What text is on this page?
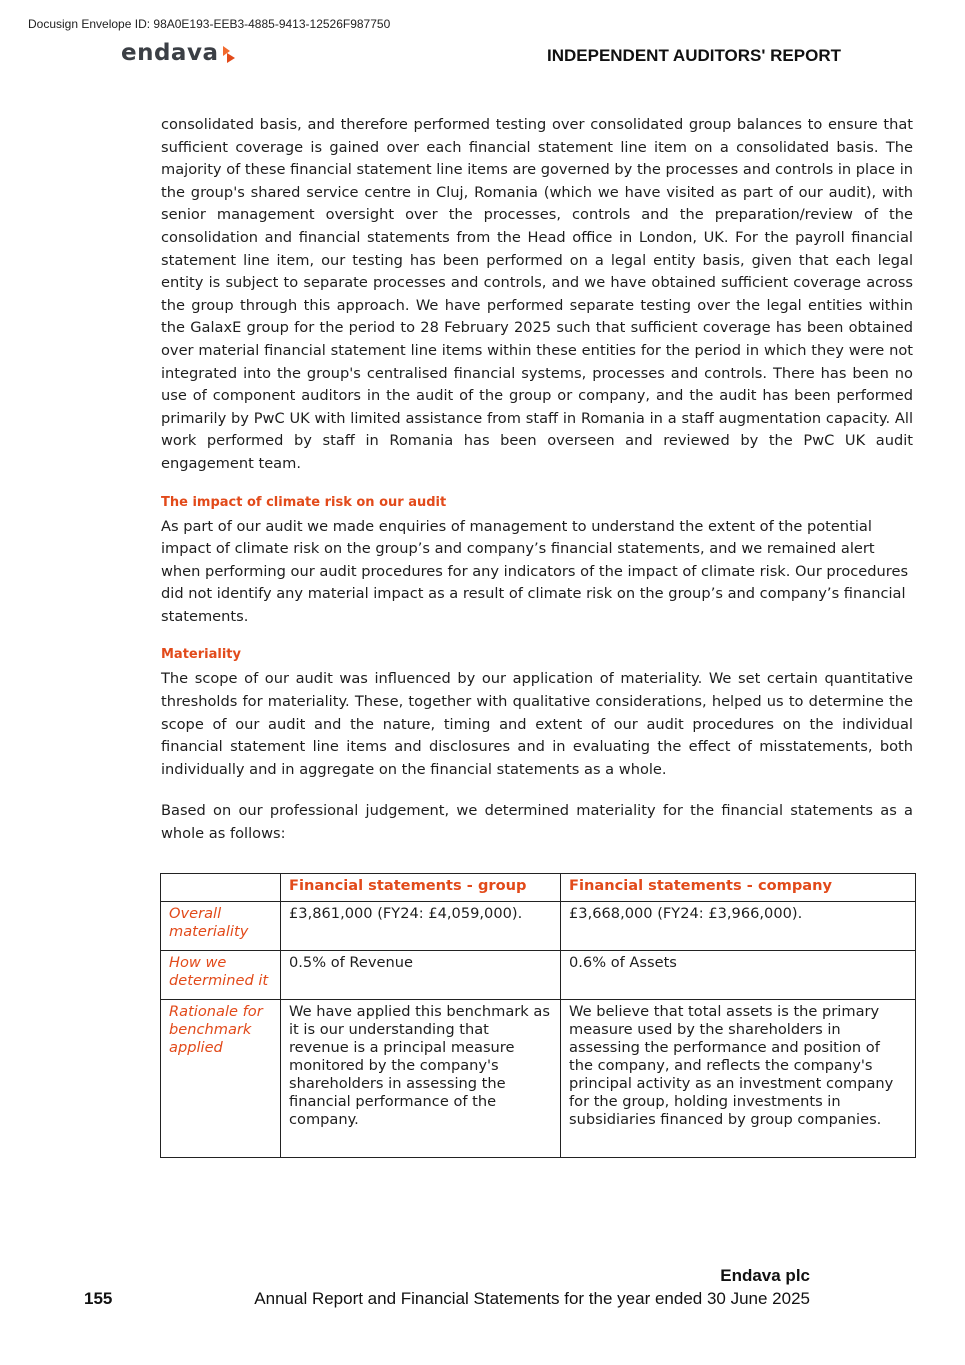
Docusign Envelope ID: 98A0E193-EEB3-4885-9413-12526F987750
endava	INDEPENDENT AUDITORS' REPORT

consolidated basis, and therefore performed testing over consolidated group balances to ensure that sufficient coverage is gained over each financial statement line item on a consolidated basis. The majority of these financial statement line items are governed by the processes and controls in place in the group's shared service centre in Cluj, Romania (which we have visited as part of our audit), with senior management oversight over the processes, controls and the preparation/review of the consolidation and financial statements from the Head office in London, UK. For the payroll financial statement line item, our testing has been performed on a legal entity basis, given that each legal entity is subject to separate processes and controls, and we have obtained sufficient coverage across the group through this approach. We have performed separate testing over the legal entities within the GalaxE group for the period to 28 February 2025 such that sufficient coverage has been obtained over material financial statement line items within these entities for the period in which they were not integrated into the group's centralised financial systems, processes and controls. There has been no use of component auditors in the audit of the group or company, and the audit has been performed primarily by PwC UK with limited assistance from staff in Romania in a staff augmentation capacity. All work performed by staff in Romania has been overseen and reviewed by the PwC UK audit engagement team.

The impact of climate risk on our audit

As part of our audit we made enquiries of management to understand the extent of the potential impact of climate risk on the group’s and company’s financial statements, and we remained alert when performing our audit procedures for any indicators of the impact of climate risk. Our procedures did not identify any material impact as a result of climate risk on the group’s and company’s financial statements.

Materiality

The scope of our audit was influenced by our application of materiality. We set certain quantitative thresholds for materiality. These, together with qualitative considerations, helped us to determine the scope of our audit and the nature, timing and extent of our audit procedures on the individual financial statement line items and disclosures and in evaluating the effect of misstatements, both individually and in aggregate on the financial statements as a whole.

Based on our professional judgement, we determined materiality for the financial statements as a whole as follows:

	Financial statements - group	Financial statements - company
Overall materiality	£3,861,000 (FY24: £4,059,000).	£3,668,000 (FY24: £3,966,000).
How we determined it	0.5% of Revenue	0.6% of Assets
Rationale for benchmark applied	We have applied this benchmark as it is our understanding that revenue is a principal measure monitored by the company's shareholders in assessing the financial performance of the company.	We believe that total assets is the primary measure used by the shareholders in assessing the performance and position of the company, and reflects the company's principal activity as an investment company for the group, holding investments in subsidiaries financed by group companies.
Endava plc
155	Annual Report and Financial Statements for the year ended 30 June 2025
